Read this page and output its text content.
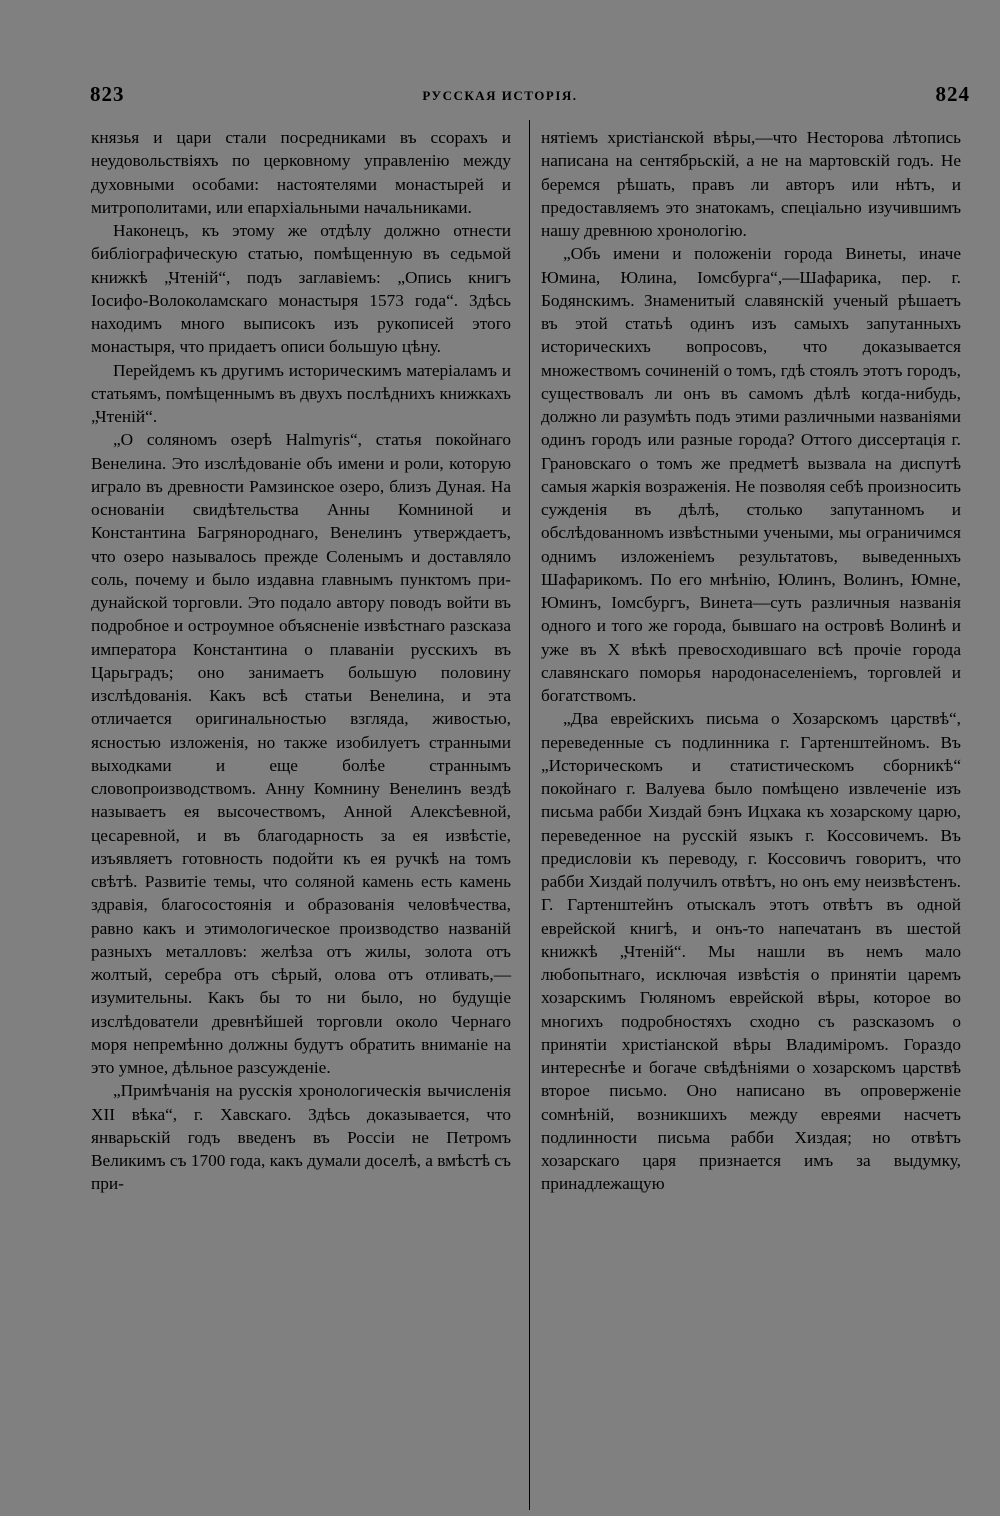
823	РУССКАЯ ИСТОРІЯ.	824

князья и цари стали посредниками въ ссорахъ и неудовольствіяхъ по церковному управленію между духовными особами: настоятелями монастырей и митрополитами, или епархіальными начальниками.

Наконецъ, къ этому же отдѣлу должно отнести библіографическую статью, помѣщенную въ седьмой книжкѣ „Чтеній“, подъ заглавіемъ: „Опись книгъ Іосифо-Волоколамскаго монастыря 1573 года“. Здѣсь находимъ много выписокъ изъ рукописей этого монастыря, что придаетъ описи большую цѣну.

Перейдемъ къ другимъ историческимъ матеріаламъ и статьямъ, помѣщеннымъ въ двухъ послѣднихъ книжкахъ „Чтеній“.

„О соляномъ озерѣ Halmyris“, статья покойнаго Венелина. Это изслѣдованіе объ имени и роли, которую играло въ древности Рамзинское озеро, близъ Дуная. На основаніи свидѣтельства Анны Комниной и Константина Багрянороднаго, Венелинъ утверждаетъ, что озеро называлось прежде Соленымъ и доставляло соль, почему и было издавна главнымъ пунктомъ при-дунайской торговли. Это подало автору поводъ войти въ подробное и остроумное объясненіе извѣстнаго разсказа императора Константина о плаваніи русскихъ въ Царьградъ; оно занимаетъ большую половину изслѣдованія. Какъ всѣ статьи Венелина, и эта отличается оригинальностью взгляда, живостью, ясностью изложенія, но также изобилуетъ странными выходками и еще болѣе страннымъ словопроизводствомъ. Анну Комнину Венелинъ вездѣ называетъ ея высочествомъ, Анной Алексѣевной, цесаревной, и въ благодарность за ея извѣстіе, изъявляетъ готовность подойти къ ея ручкѣ на томъ свѣтѣ. Развитіе темы, что соляной камень есть камень здравія, благосостоянія и образованія человѣчества, равно какъ и этимологическое производство названій разныхъ металловъ: желѣза отъ жилы, золота отъ жолтый, серебра отъ сѣрый, олова отъ отливать,—изумительны. Какъ бы то ни было, но будущіе изслѣдователи древнѣйшей торговли около Чернаго моря непремѣнно должны будутъ обратить вниманіе на это умное, дѣльное разсужденіе.

„Примѣчанія на русскія хронологическія вычисленія XII вѣка“, г. Хавскаго. Здѣсь доказывается, что январьскій годъ введенъ въ Россіи не Петромъ Великимъ съ 1700 года, какъ думали доселѣ, а вмѣстѣ съ при-

нятіемъ христіанской вѣры,—что Несторова лѣтопись написана на сентябрьскій, а не на мартовскій годъ. Не беремся рѣшать, правъ ли авторъ или нѣтъ, и предоставляемъ это знатокамъ, спеціально изучившимъ нашу древнюю хронологію.

„Объ имени и положеніи города Винеты, иначе Юмина, Юлина, Іомсбурга“,—Шафарика, пер. г. Бодянскимъ. Знаменитый славянскій ученый рѣшаетъ въ этой статьѣ одинъ изъ самыхъ запутанныхъ историческихъ вопросовъ, что доказывается множествомъ сочиненій о томъ, гдѣ стоялъ этотъ городъ, существовалъ ли онъ въ самомъ дѣлѣ когда-нибудь, должно ли разумѣть подъ этими различными названіями одинъ городъ или разные города? Оттого диссертація г. Грановскаго о томъ же предметѣ вызвала на диспутѣ самыя жаркія возраженія. Не позволяя себѣ произносить сужденія въ дѣлѣ, столько запутанномъ и обслѣдованномъ извѣстными учеными, мы ограничимся однимъ изложеніемъ результатовъ, выведенныхъ Шафарикомъ. По его мнѣнію, Юлинъ, Волинъ, Юмне, Юминъ, Іомсбургъ, Винета—суть различныя названія одного и того же города, бывшаго на островѣ Волинѣ и уже въ X вѣкѣ превосходившаго всѣ прочіе города славянскаго поморья народонаселеніемъ, торговлей и богатствомъ.

„Два еврейскихъ письма о Хозарскомъ царствѣ“, переведенные съ подлинника г. Гартенштейномъ. Въ „Историческомъ и статистическомъ сборникѣ“ покойнаго г. Валуева было помѣщено извлеченіе изъ письма рабби Хиздай бэнъ Ицхака къ хозарскому царю, переведенное на русскій языкъ г. Коссовичемъ. Въ предисловіи къ переводу, г. Коссовичъ говоритъ, что рабби Хиздай получилъ отвѣтъ, но онъ ему неизвѣстенъ. Г. Гартенштейнъ отыскалъ этотъ отвѣтъ въ одной еврейской книгѣ, и онъ-то напечатанъ въ шестой книжкѣ „Чтеній“. Мы нашли въ немъ мало любопытнаго, исключая извѣстія о принятіи царемъ хозарскимъ Гюляномъ еврейской вѣры, которое во многихъ подробностяхъ сходно съ разсказомъ о принятіи христіанской вѣры Владиміромъ. Гораздо интереснѣе и богаче свѣдѣніями о хозарскомъ царствѣ второе письмо. Оно написано въ опроверженіе сомнѣній, возникшихъ между евреями насчетъ подлинности письма рабби Хиздая; но отвѣтъ хозарскаго царя признается имъ за выдумку, принадлежащую
